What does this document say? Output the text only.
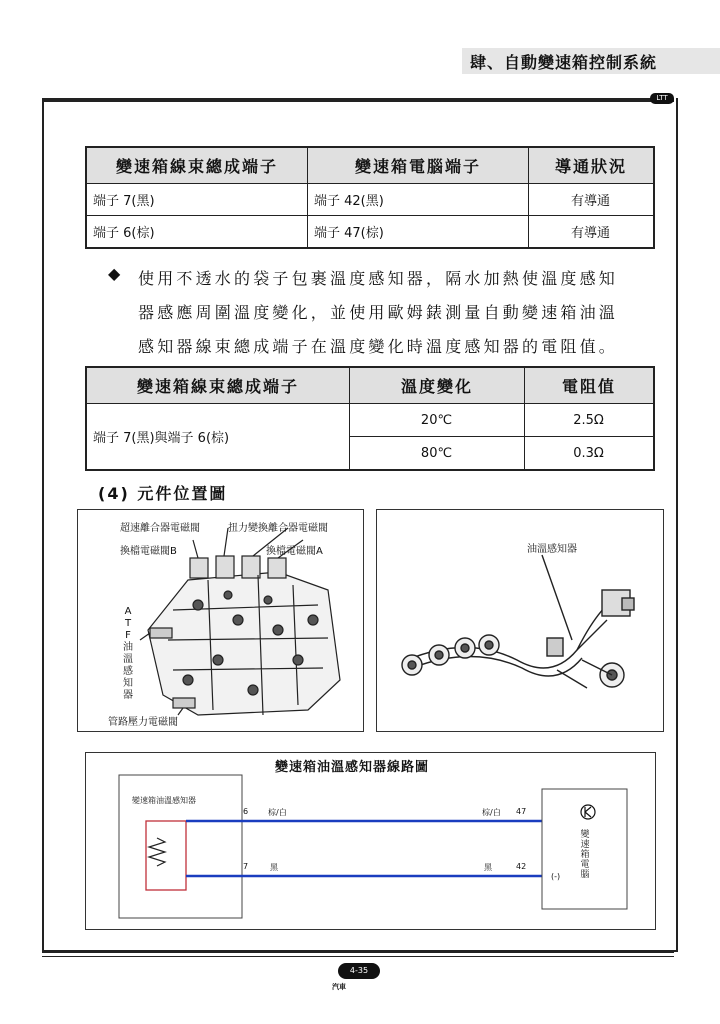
肆、自動變速箱控制系統
LTT
變速箱線束總成端子	變速箱電腦端子	導通狀況
端子 7(黑)	端子 42(黑)	有導通
端子 6(棕)	端子 47(棕)	有導通
◆ 使用不透水的袋子包裹溫度感知器，隔水加熱使溫度感知
器感應周圍溫度變化，並使用歐姆錶測量自動變速箱油溫
感知器線束總成端子在溫度變化時溫度感知器的電阻值。
變速箱線束總成端子	溫度變化	電阻值
端子 7(黑)與端子 6(棕)	20℃	2.5Ω
	80℃	0.3Ω
(4) 元件位置圖
超速離合器電磁閥	扭力變換離合器電磁閥
換檔電磁閥B	換檔電磁閥A
A
T
F
油
溫
感
知
器
管路壓力電磁閥
油溫感知器
變速箱油溫感知器線路圖
變速箱油溫感知器
6 棕/白	棕/白 47
7	黑	黑	42
(-)
變
速
箱
電
腦
4-35
汽車
